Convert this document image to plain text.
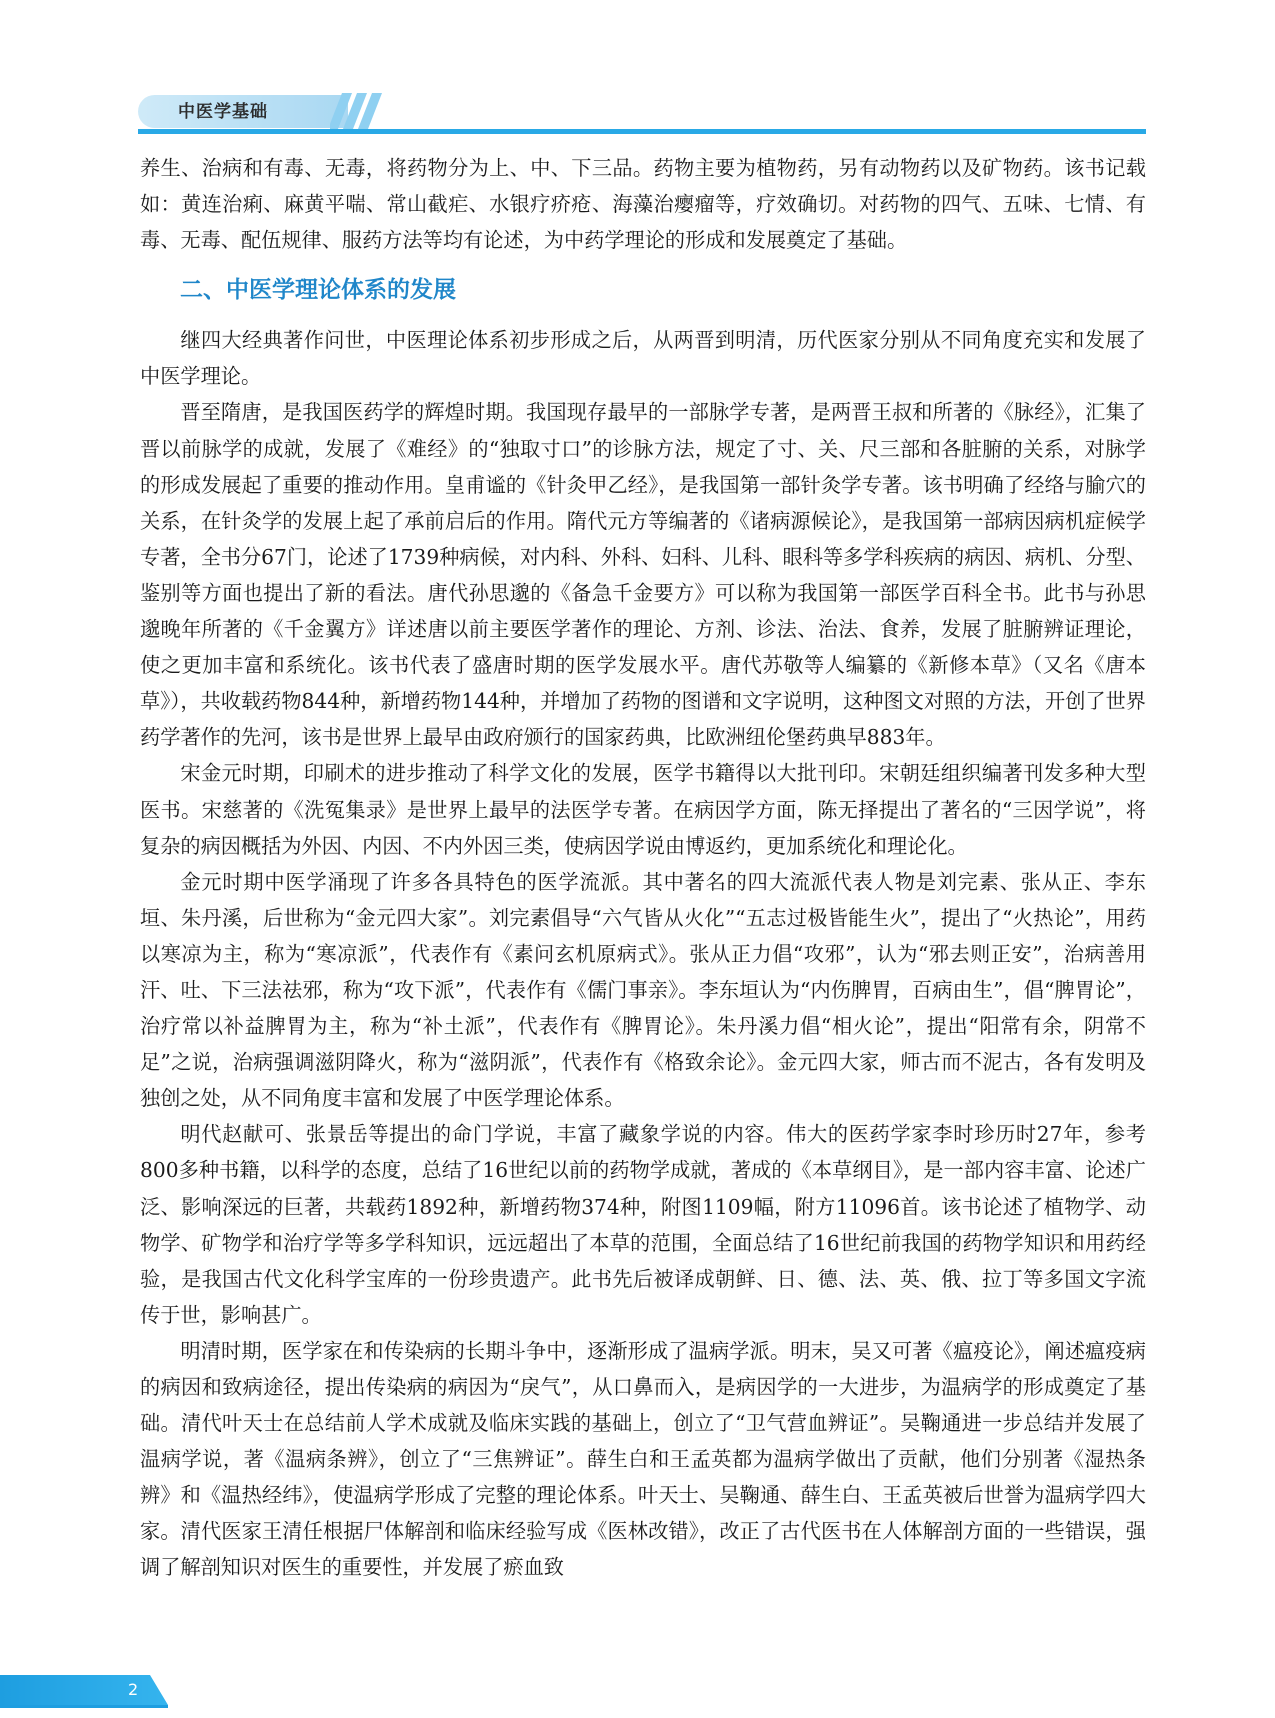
中医学基础

养生、治病和有毒、无毒，将药物分为上、中、下三品。药物主要为植物药，另有动物药以及矿物药。该书记载如：黄连治痢、麻黄平喘、常山截疟、水银疗疥疮、海藻治瘿瘤等，疗效确切。对药物的四气、五味、七情、有毒、无毒、配伍规律、服药方法等均有论述，为中药学理论的形成和发展奠定了基础。

二、中医学理论体系的发展

继四大经典著作问世，中医理论体系初步形成之后，从两晋到明清，历代医家分别从不同角度充实和发展了中医学理论。

晋至隋唐，是我国医药学的辉煌时期。我国现存最早的一部脉学专著，是两晋王叔和所著的《脉经》，汇集了晋以前脉学的成就，发展了《难经》的“独取寸口”的诊脉方法，规定了寸、关、尺三部和各脏腑的关系，对脉学的形成发展起了重要的推动作用。皇甫谧的《针灸甲乙经》，是我国第一部针灸学专著。该书明确了经络与腧穴的关系，在针灸学的发展上起了承前启后的作用。隋代元方等编著的《诸病源候论》，是我国第一部病因病机症候学专著，全书分67门，论述了1739种病候，对内科、外科、妇科、儿科、眼科等多学科疾病的病因、病机、分型、鉴别等方面也提出了新的看法。唐代孙思邈的《备急千金要方》可以称为我国第一部医学百科全书。此书与孙思邈晚年所著的《千金翼方》详述唐以前主要医学著作的理论、方剂、诊法、治法、食养，发展了脏腑辨证理论，使之更加丰富和系统化。该书代表了盛唐时期的医学发展水平。唐代苏敬等人编纂的《新修本草》（又名《唐本草》），共收载药物844种，新增药物144种，并增加了药物的图谱和文字说明，这种图文对照的方法，开创了世界药学著作的先河，该书是世界上最早由政府颁行的国家药典，比欧洲纽伦堡药典早883年。

宋金元时期，印刷术的进步推动了科学文化的发展，医学书籍得以大批刊印。宋朝廷组织编著刊发多种大型医书。宋慈著的《洗冤集录》是世界上最早的法医学专著。在病因学方面，陈无择提出了著名的“三因学说”，将复杂的病因概括为外因、内因、不内外因三类，使病因学说由博返约，更加系统化和理论化。

金元时期中医学涌现了许多各具特色的医学流派。其中著名的四大流派代表人物是刘完素、张从正、李东垣、朱丹溪，后世称为“金元四大家”。刘完素倡导“六气皆从火化”“五志过极皆能生火”，提出了“火热论”，用药以寒凉为主，称为“寒凉派”，代表作有《素问玄机原病式》。张从正力倡“攻邪”，认为“邪去则正安”，治病善用汗、吐、下三法祛邪，称为“攻下派”，代表作有《儒门事亲》。李东垣认为“内伤脾胃，百病由生”，倡“脾胃论”，治疗常以补益脾胃为主，称为“补土派”，代表作有《脾胃论》。朱丹溪力倡“相火论”，提出“阳常有余，阴常不足”之说，治病强调滋阴降火，称为“滋阴派”，代表作有《格致余论》。金元四大家，师古而不泥古，各有发明及独创之处，从不同角度丰富和发展了中医学理论体系。

明代赵献可、张景岳等提出的命门学说，丰富了藏象学说的内容。伟大的医药学家李时珍历时27年，参考800多种书籍，以科学的态度，总结了16世纪以前的药物学成就，著成的《本草纲目》，是一部内容丰富、论述广泛、影响深远的巨著，共载药1892种，新增药物374种，附图1109幅，附方11096首。该书论述了植物学、动物学、矿物学和治疗学等多学科知识，远远超出了本草的范围，全面总结了16世纪前我国的药物学知识和用药经验，是我国古代文化科学宝库的一份珍贵遗产。此书先后被译成朝鲜、日、德、法、英、俄、拉丁等多国文字流传于世，影响甚广。

明清时期，医学家在和传染病的长期斗争中，逐渐形成了温病学派。明末，吴又可著《瘟疫论》，阐述瘟疫病的病因和致病途径，提出传染病的病因为“戾气”，从口鼻而入，是病因学的一大进步，为温病学的形成奠定了基础。清代叶天士在总结前人学术成就及临床实践的基础上，创立了“卫气营血辨证”。吴鞠通进一步总结并发展了温病学说，著《温病条辨》，创立了“三焦辨证”。薛生白和王孟英都为温病学做出了贡献，他们分别著《湿热条辨》和《温热经纬》，使温病学形成了完整的理论体系。叶天士、吴鞠通、薛生白、王孟英被后世誉为温病学四大家。清代医家王清任根据尸体解剖和临床经验写成《医林改错》，改正了古代医书在人体解剖方面的一些错误，强调了解剖知识对医生的重要性，并发展了瘀血致

2
